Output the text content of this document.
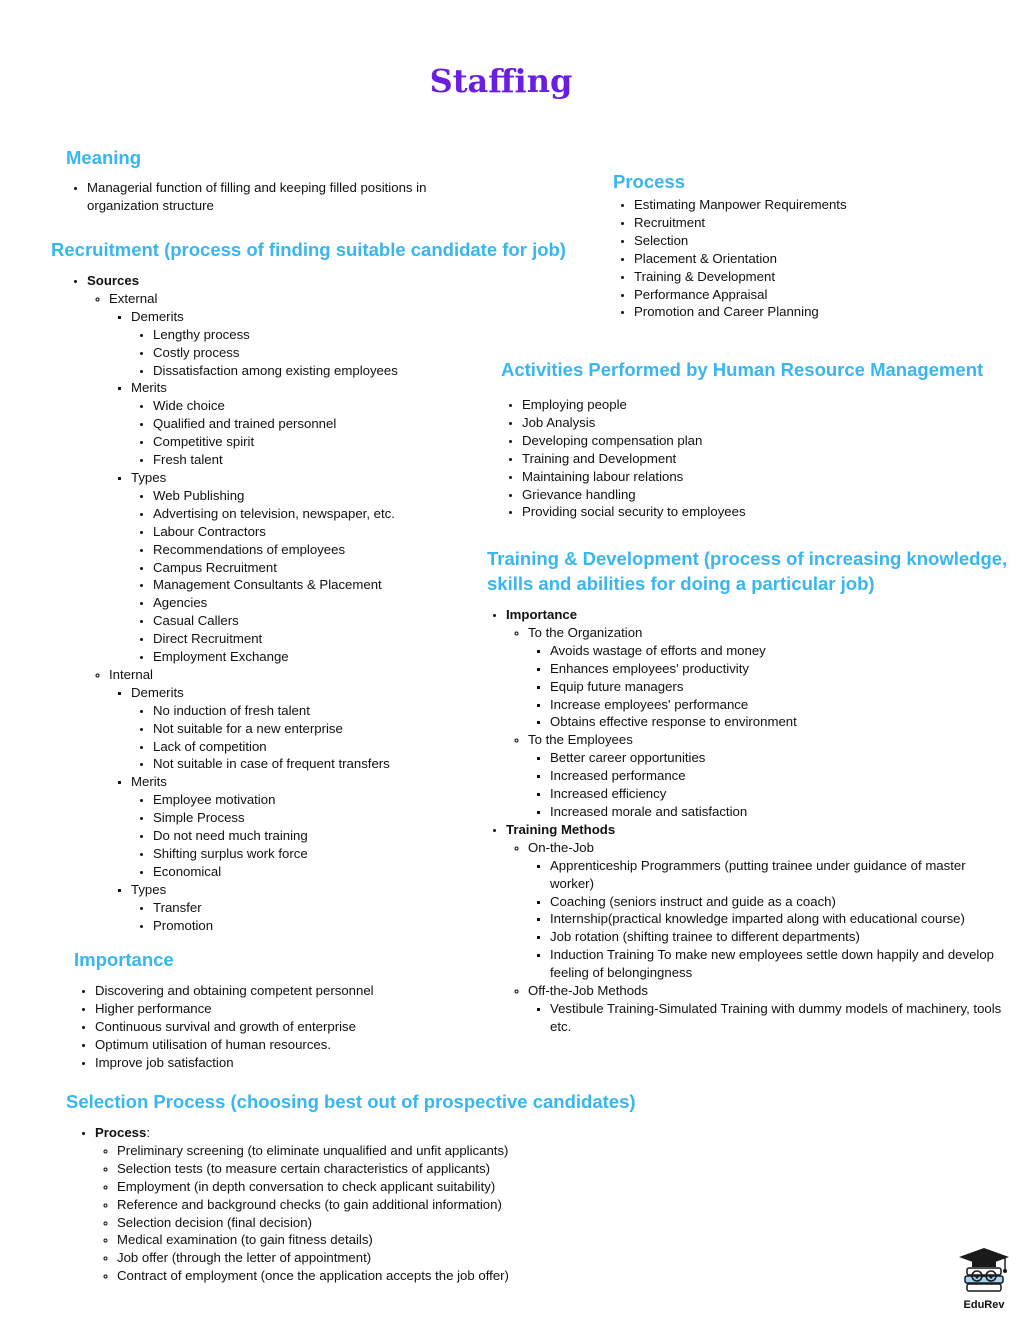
Staffing
Meaning
• Managerial function of filling and keeping filled positions in organization structure
Recruitment (process of finding suitable candidate for job)
• Sources
◦ External
▪ Demerits
• Lengthy process
• Costly process
• Dissatisfaction among existing employees
▪ Merits
• Wide choice
• Qualified and trained personnel
• Competitive spirit
• Fresh talent
▪ Types
• Web Publishing
• Advertising on television, newspaper, etc.
• Labour Contractors
• Recommendations of employees
• Campus Recruitment
• Management Consultants & Placement
• Agencies
• Casual Callers
• Direct Recruitment
• Employment Exchange
◦ Internal
▪ Demerits
• No induction of fresh talent
• Not suitable for a new enterprise
• Lack of competition
• Not suitable in case of frequent transfers
▪ Merits
• Employee motivation
• Simple Process
• Do not need much training
• Shifting surplus work force
• Economical
▪ Types
• Transfer
• Promotion
Importance
• Discovering and obtaining competent personnel
• Higher performance
• Continuous survival and growth of enterprise
• Optimum utilisation of human resources.
• Improve job satisfaction
Selection Process (choosing best out of prospective candidates)
• Process:
◦ Preliminary screening (to eliminate unqualified and unfit applicants)
◦ Selection tests (to measure certain characteristics of applicants)
◦ Employment (in depth conversation to check applicant suitability)
◦ Reference and background checks (to gain additional information)
◦ Selection decision (final decision)
◦ Medical examination (to gain fitness details)
◦ Job offer (through the letter of appointment)
◦ Contract of employment (once the application accepts the job offer)
Process
• Estimating Manpower Requirements
• Recruitment
• Selection
• Placement & Orientation
• Training & Development
• Performance Appraisal
• Promotion and Career Planning
Activities Performed by Human Resource Management
• Employing people
• Job Analysis
• Developing compensation plan
• Training and Development
• Maintaining labour relations
• Grievance handling
• Providing social security to employees
Training & Development (process of increasing knowledge,
skills and abilities for doing a particular job)
• Importance
◦ To the Organization
▪ Avoids wastage of efforts and money
▪ Enhances employees' productivity
▪ Equip future managers
▪ Increase employees' performance
▪ Obtains effective response to environment
◦ To the Employees
▪ Better career opportunities
▪ Increased performance
▪ Increased efficiency
▪ Increased morale and satisfaction
• Training Methods
◦ On-the-Job
▪ Apprenticeship Programmers (putting trainee under guidance of master worker)
▪ Coaching (seniors instruct and guide as a coach)
▪ Internship(practical knowledge imparted along with educational course)
▪ Job rotation (shifting trainee to different departments)
▪ Induction Training To make new employees settle down happily and develop feeling of belongingness
◦ Off-the-Job Methods
▪ Vestibule Training-Simulated Training with dummy models of machinery, tools etc.
EduRev
